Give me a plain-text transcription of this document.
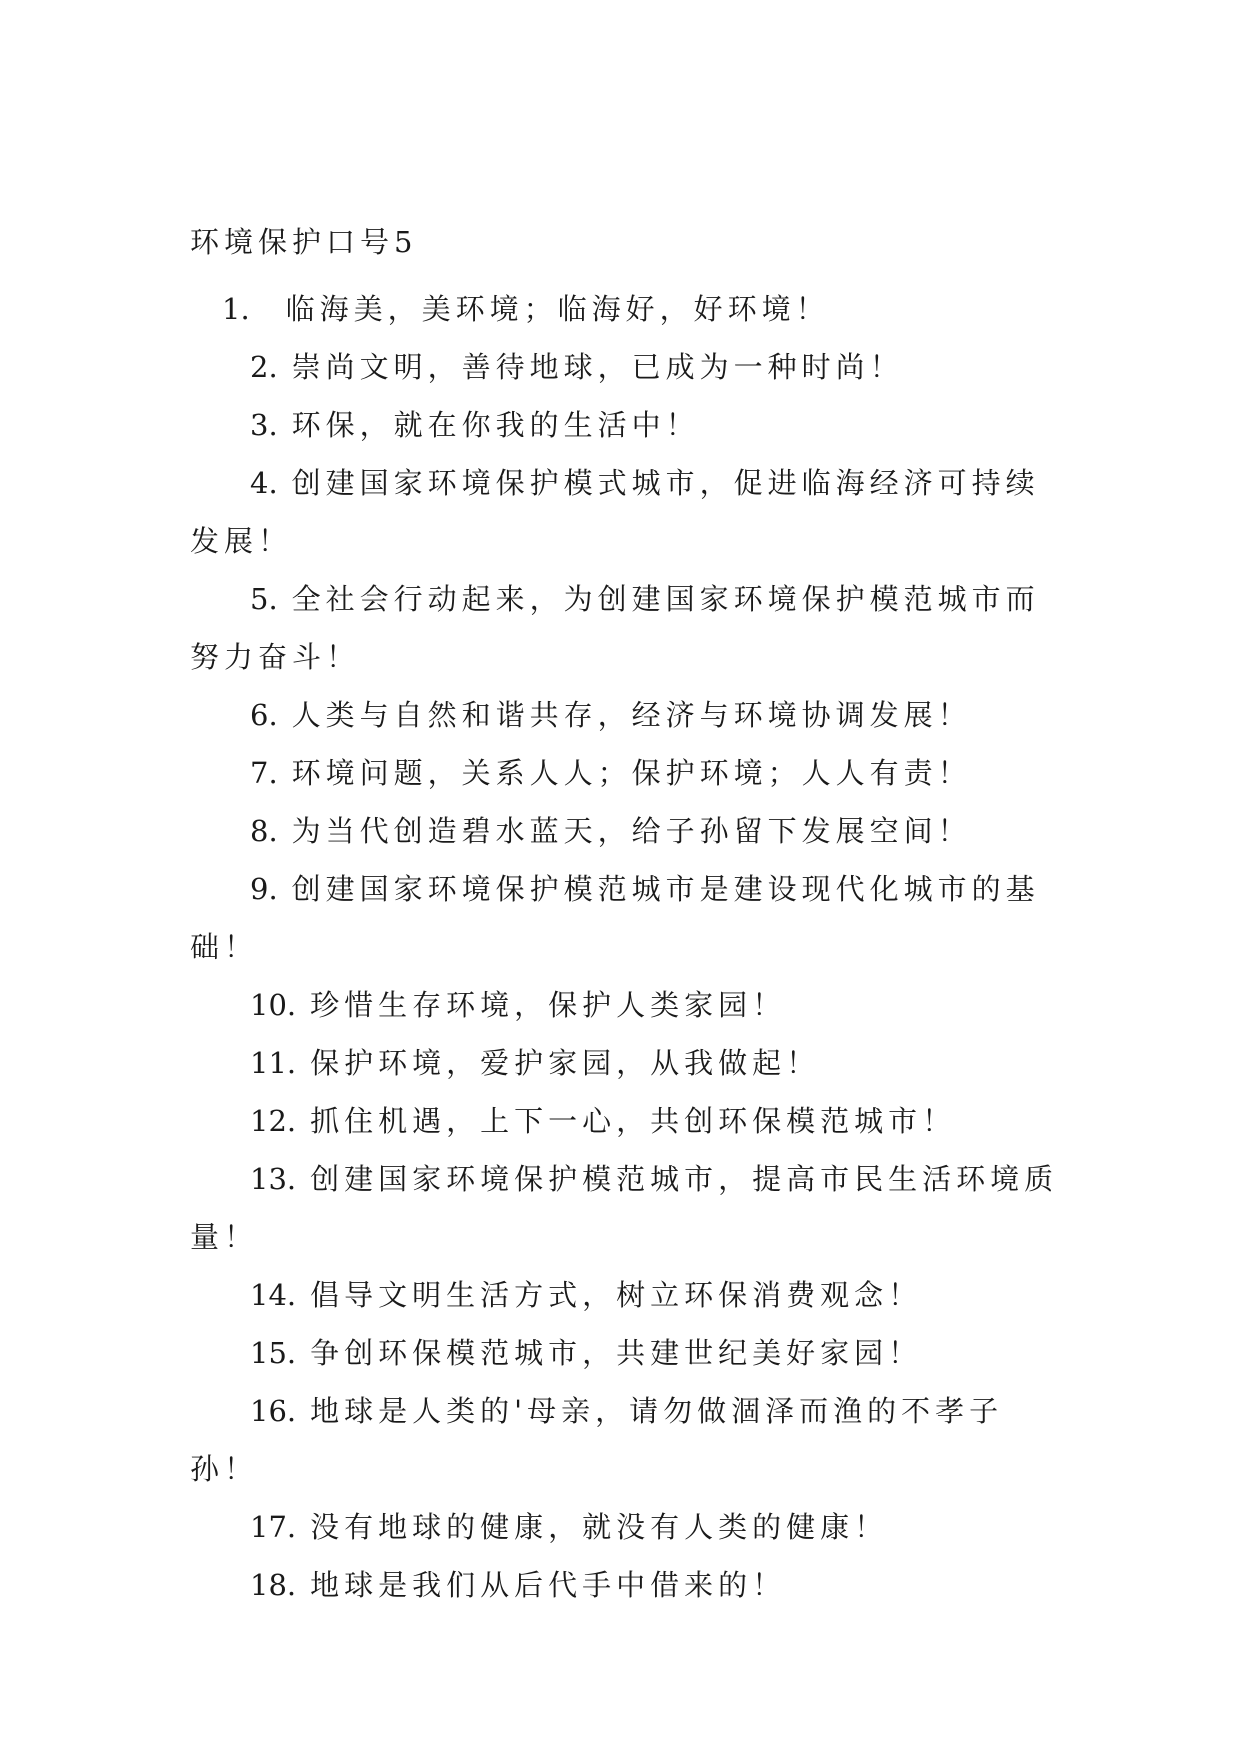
环境保护口号5
1. 临海美，美环境；临海好，好环境！
2. 崇尚文明，善待地球，已成为一种时尚！
3. 环保，就在你我的生活中！
4. 创建国家环境保护模式城市，促进临海经济可持续发展！
5. 全社会行动起来，为创建国家环境保护模范城市而努力奋斗！
6. 人类与自然和谐共存，经济与环境协调发展！
7. 环境问题，关系人人；保护环境；人人有责！
8. 为当代创造碧水蓝天，给子孙留下发展空间！
9. 创建国家环境保护模范城市是建设现代化城市的基础！
10. 珍惜生存环境，保护人类家园！
11. 保护环境，爱护家园，从我做起！
12. 抓住机遇，上下一心，共创环保模范城市！
13. 创建国家环境保护模范城市，提高市民生活环境质量！
14. 倡导文明生活方式，树立环保消费观念！
15. 争创环保模范城市，共建世纪美好家园！
16. 地球是人类的'母亲，请勿做涸泽而渔的不孝子孙！
17. 没有地球的健康，就没有人类的健康！
18. 地球是我们从后代手中借来的！
